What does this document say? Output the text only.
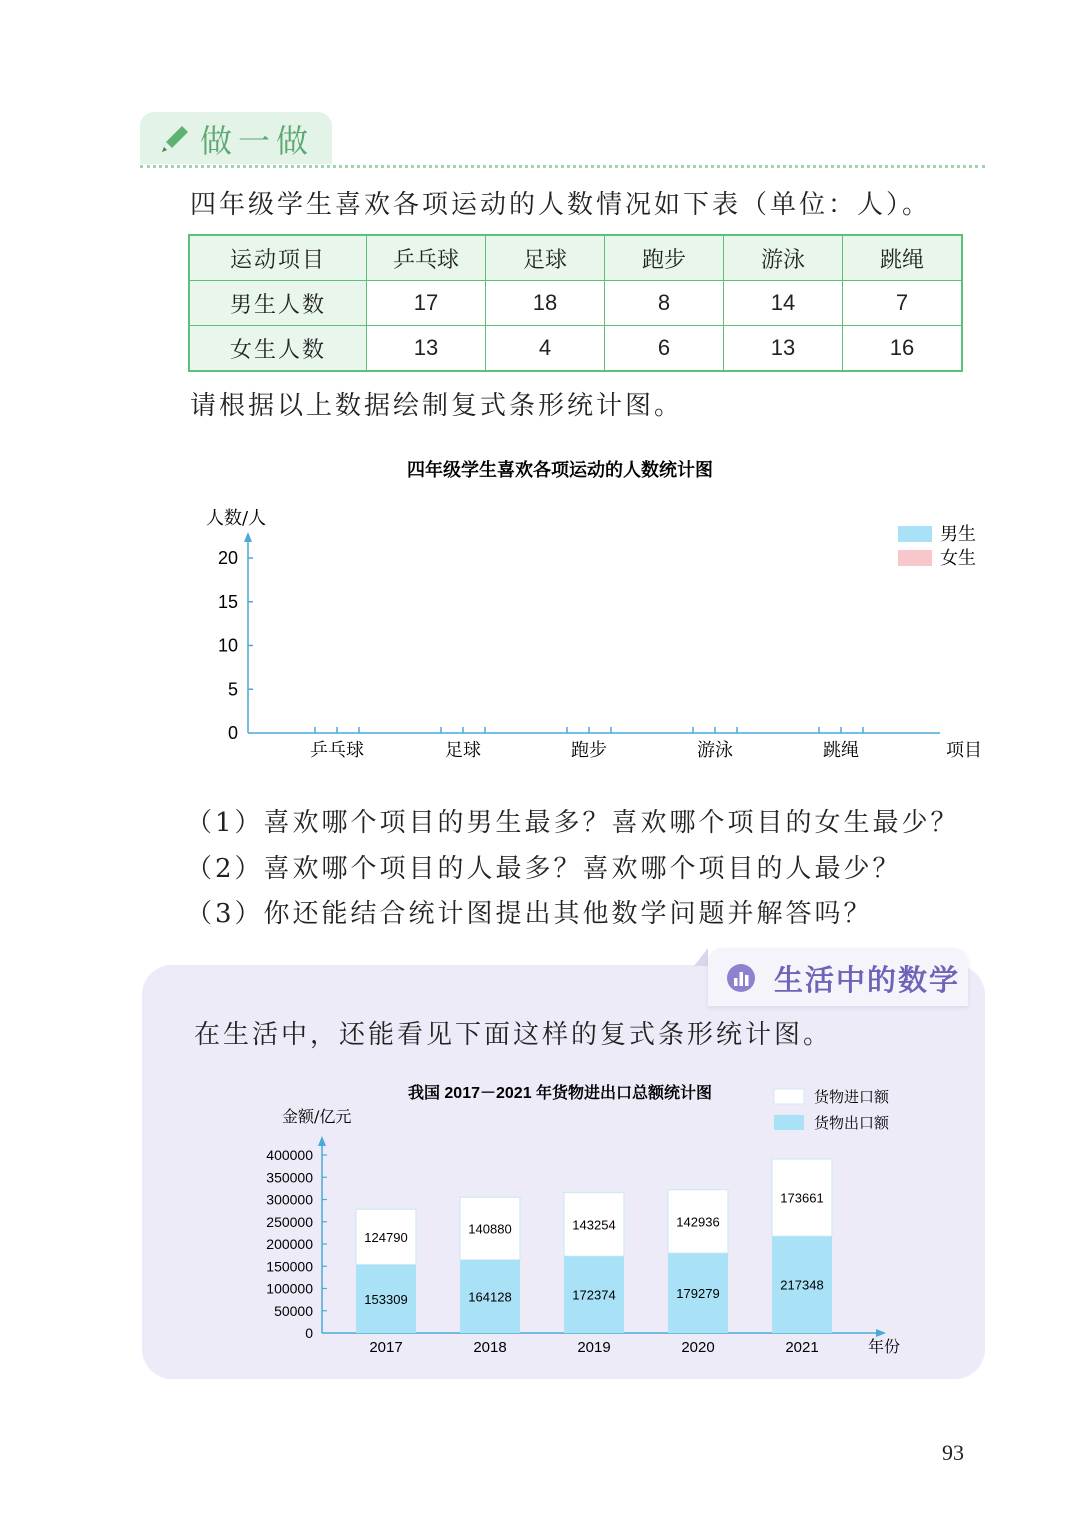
做一做
四年级学生喜欢各项运动的人数情况如下表（单位：人）。
运动项目	乒乓球	足球	跑步	游泳	跳绳
男生人数	17	18	8	14	7
女生人数	13	4	6	13	16
请根据以上数据绘制复式条形统计图。
四年级学生喜欢各项运动的人数统计图
人数/人
项目
0
5
10
15
20
乒乓球	足球	跑步	游泳	跳绳
男生
女生
（1）喜欢哪个项目的男生最多？喜欢哪个项目的女生最少？
（2）喜欢哪个项目的人最多？喜欢哪个项目的人最少？
（3）你还能结合统计图提出其他数学问题并解答吗？
生活中的数学
在生活中，还能看见下面这样的复式条形统计图。
我国 2017－2021 年货物进出口总额统计图
金额/亿元
年份
0
50000
100000
150000
200000
250000
300000
350000
400000
124790
153309
2017
140880
164128
2018
143254
172374
2019
142936
179279
2020
173661
217348
2021
货物进口额
货物出口额
93
